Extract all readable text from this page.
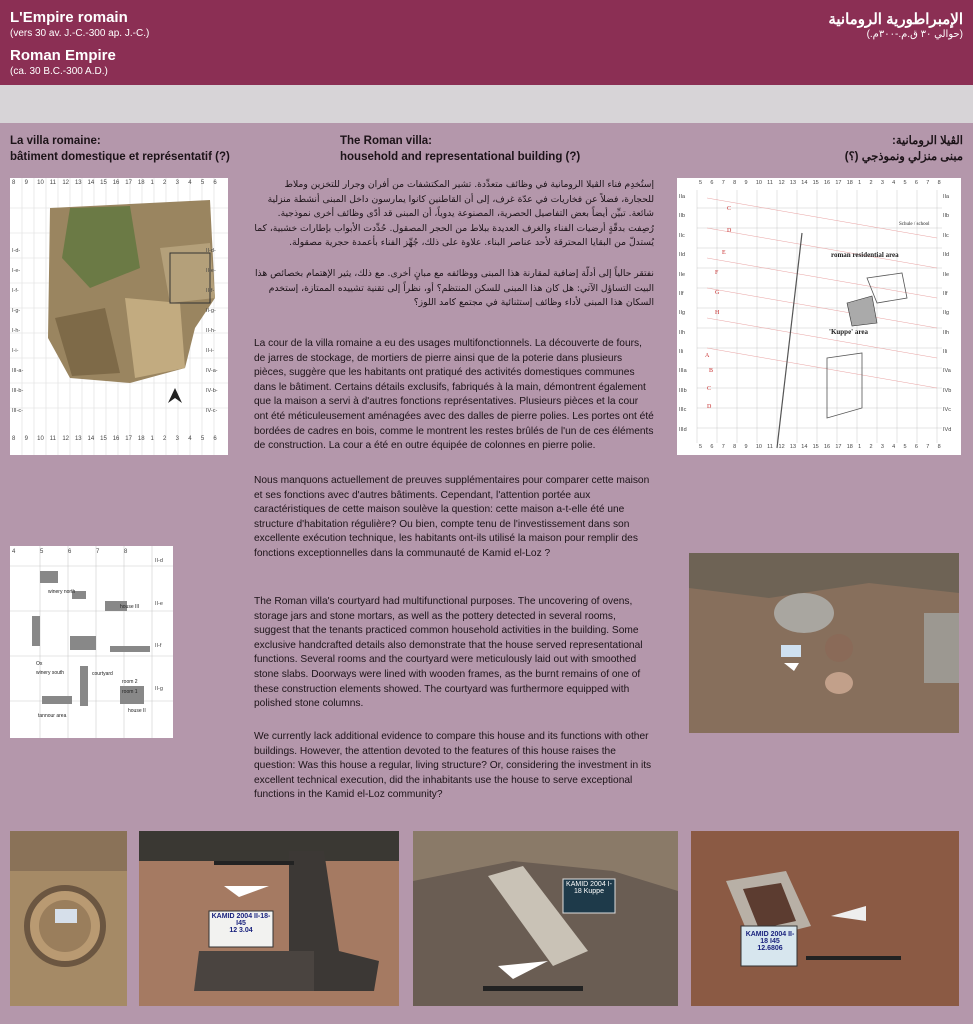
L'Empire romain
(vers 30 av. J.-C.-300 ap. J.-C.)
Roman Empire
(ca. 30 B.C.-300 A.D.)
الإمبراطورية الرومانية
(حوالي ٣٠ ق.م.-٣٠٠م.)
La villa romaine:
bâtiment domestique et représentatif (?)
The Roman villa:
household and representational building (?)
الڤيلا الرومانية:
مبنى منزلي ونموذجي (؟)

إستُخدِم فناء الڤيلا الرومانية في وظائف متعدِّدة. تشير المكتشفات من أفران وجرار للتخزين وملاط للحجارة، فضلاً عن فخاريات في عدّة غرف، إلى أن القاطنين كانوا يمارسون داخل المبنى أنشطة منزلية شائعة. تبيِّن أيضاً بعض التفاصيل الحصرية، المصنوعة يدوياً، أن المبنى قد أدّى وظائف أخرى نموذجية. رُصِفت بدقّةٍ أرضيات الفناء والغرف العديدة ببلاط من الحجر المصقول. حُدِّدت الأبواب بإطارات خشبية، كما يُستدلّ من البقايا المحترقة لأحد عناصر البناء. علاوة على ذلك، جُهِّز الفناء بأعمدة حجرية مصقولة.

نفتقر حالياً إلى أدلّة إضافية لمقارنة هذا المبنى ووظائفه مع مبانٍ أخرى. مع ذلك، يثير الإهتمام بخصائص هذا البيت التساؤل الآتي: هل كان هذا المبنى للسكن المنتظم؟ أو، نظراً إلى تقنية تشييده الممتازة، إستخدم السكان هذا المبنى لأداء وظائف إستثنائية في مجتمع كامد اللوز؟

La cour de la villa romaine a eu des usages multifonctionnels. La découverte de fours, de jarres de stockage, de mortiers de pierre ainsi que de la poterie dans plusieurs pièces, suggère que les habitants ont pratiqué des activités domestiques communes dans le bâtiment. Certains détails exclusifs, fabriqués à la main, démontrent également que la maison a servi à d'autres fonctions représentatives. Plusieurs pièces et la cour ont été méticuleusement aménagées avec des dalles de pierre polies. Les portes ont été bordées de cadres en bois, comme le montrent les restes brûlés de l'un de ces éléments de construction. La cour a été en outre équipée de colonnes en pierre polie.

Nous manquons actuellement de preuves supplémentaires pour comparer cette maison et ses fonctions avec d'autres bâtiments. Cependant, l'attention portée aux caractéristiques de cette maison soulève la question: cette maison a-t-elle été une structure d'habitation régulière? Ou bien, compte tenu de l'investissement dans son excellente exécution technique, les habitants ont-ils utilisé la maison pour remplir des fonctions exceptionnelles dans la communauté de Kamid el-Loz ?

The Roman villa's courtyard had multifunctional purposes. The uncovering of ovens, storage jars and stone mortars, as well as the pottery detected in several rooms, suggest that the tenants practiced common household activities in the building. Some exclusive handcrafted details also demonstrate that the house served representational functions. Several rooms and the courtyard were meticulously laid out with smoothed stone slabs. Doorways were lined with wooden frames, as the burnt remains of one of these construction elements showed. The courtyard was furthermore equipped with polished stone columns.

We currently lack additional evidence to compare this house and its functions with other buildings. However, the attention devoted to the features of this house raises the question: Was this house a regular, living structure? Or, considering the investment in its excellent technical execution, did the inhabitants use the house to serve exceptional functions in the Kamid el-Loz community?

8 9 10 11 12 13 14 15 16 17 18 1 2 3 4 5 6
8 9 10 11 12 13 14 15 16 17 18 1 2 3 4 5 6
I-d-
I-e-
I-f-
I-g-
I-h-
I-i-
III-a-
III-b-
III-c-
II-d-
II-e-
II-f-
II-g-
II-h-
II-i-
IV-a-
IV-b-
IV-c-
5 6 7 8 9 10 11 12 13 14 15 16 17 18 1 2 3 4 5 6 7 8
5 6 7 8 9 10 11 12 13 14 15 16 17 18 1 2 3 4 5 6 7 8
IIa
IIb
IIc
IId
IIe
IIf
IIg
IIh
IIi
IIIa
IIIb
IIIc
IIId
IIa
IIb
IIc
IId
IIe
IIf
IIg
IIh
IIi
IVa
IVb
IVc
IVd
C
D
E
F
G
H
A
B
C
D
roman residential area
'Kuppe' area
Schule / school
4	5	6	7	8
II-d
II-e
II-f
II-g
winery north
house III
Ox
winery south	courtyard
room 2
room 1
tannour area
house II
KAMID 2004 II-18-I45
12 3.04
KAMID 2004 I-18 Kuppe
KAMID 2004 II-18 I45
12.6806
